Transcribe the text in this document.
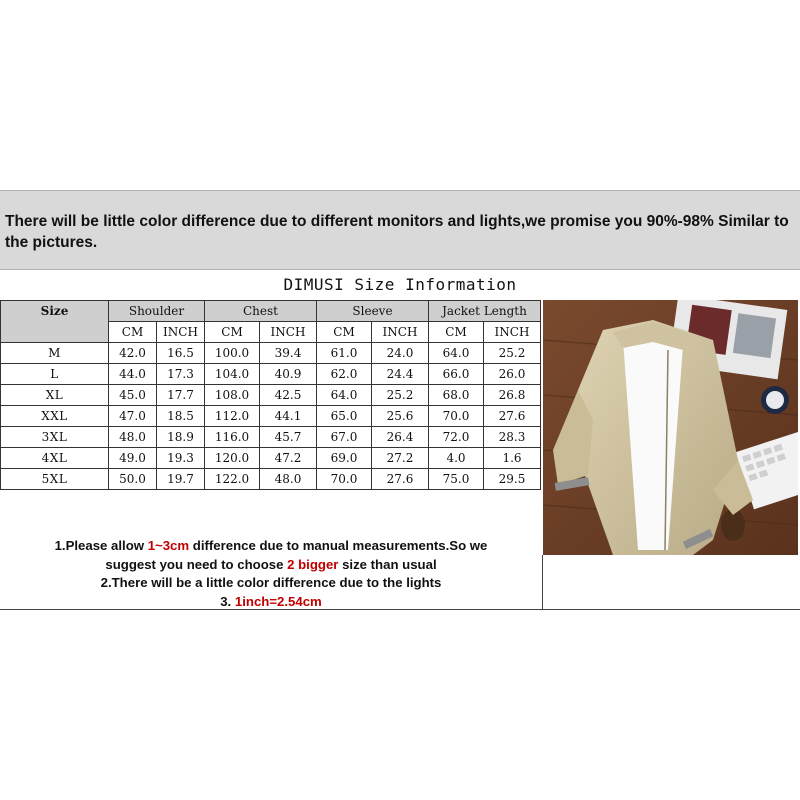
There will be little color difference due to different monitors and lights,we promise you 90%-98% Similar to the pictures.
DIMUSI Size Information
Size	Shoulder		Chest		Sleeve		Jacket Length	
	CM	INCH	CM	INCH	CM	INCH	CM	INCH
M	42.0	16.5	100.0	39.4	61.0	24.0	64.0	25.2
L	44.0	17.3	104.0	40.9	62.0	24.4	66.0	26.0
XL	45.0	17.7	108.0	42.5	64.0	25.2	68.0	26.8
XXL	47.0	18.5	112.0	44.1	65.0	25.6	70.0	27.6
3XL	48.0	18.9	116.0	45.7	67.0	26.4	72.0	28.3
4XL	49.0	19.3	120.0	47.2	69.0	27.2	4.0	1.6
5XL	50.0	19.7	122.0	48.0	70.0	27.6	75.0	29.5
1.Please allow 1~3cm difference due to manual measurements.So we
suggest you need to choose 2 bigger size than usual
2.There will be a little color difference due to the lights
3. 1inch=2.54cm
